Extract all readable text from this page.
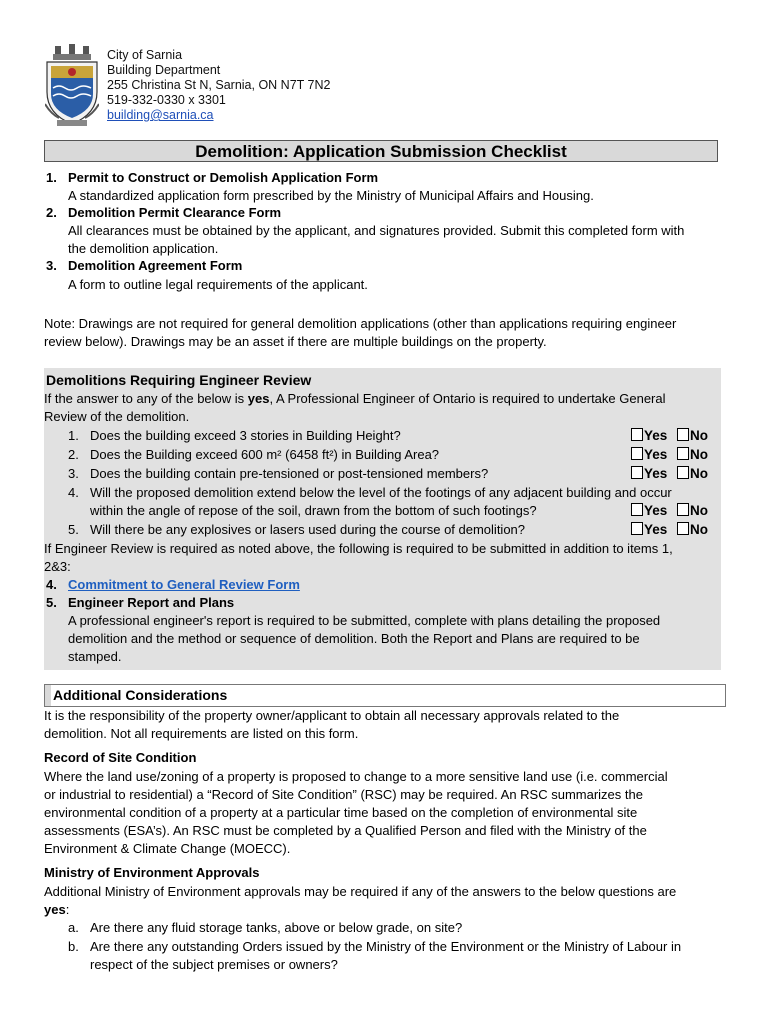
City of Sarnia
Building Department
255 Christina St N, Sarnia, ON N7T 7N2
519-332-0330 x 3301
building@sarnia.ca
Demolition: Application Submission Checklist
1. Permit to Construct or Demolish Application Form
A standardized application form prescribed by the Ministry of Municipal Affairs and Housing.
2. Demolition Permit Clearance Form
All clearances must be obtained by the applicant, and signatures provided. Submit this completed form with
the demolition application.
3. Demolition Agreement Form
A form to outline legal requirements of the applicant.
Note: Drawings are not required for general demolition applications (other than applications requiring engineer
review below). Drawings may be an asset if there are multiple buildings on the property.
Demolitions Requiring Engineer Review
If the answer to any of the below is yes, A Professional Engineer of Ontario is required to undertake General
Review of the demolition.
1. Does the building exceed 3 stories in Building Height?	Yes No
2. Does the Building exceed 600 m² (6458 ft²) in Building Area?	Yes No
3. Does the building contain pre-tensioned or post-tensioned members?	Yes No
4. Will the proposed demolition extend below the level of the footings of any adjacent building and occur
within the angle of repose of the soil, drawn from the bottom of such footings?	Yes No
5. Will there be any explosives or lasers used during the course of demolition?	Yes No
If Engineer Review is required as noted above, the following is required to be submitted in addition to items 1,
2&3:
4. Commitment to General Review Form
5. Engineer Report and Plans
A professional engineer's report is required to be submitted, complete with plans detailing the proposed
demolition and the method or sequence of demolition. Both the Report and Plans are required to be
stamped.
Additional Considerations
It is the responsibility of the property owner/applicant to obtain all necessary approvals related to the
demolition. Not all requirements are listed on this form.
Record of Site Condition
Where the land use/zoning of a property is proposed to change to a more sensitive land use (i.e. commercial
or industrial to residential) a “Record of Site Condition” (RSC) may be required. An RSC summarizes the
environmental condition of a property at a particular time based on the completion of environmental site
assessments (ESA’s). An RSC must be completed by a Qualified Person and filed with the Ministry of the
Environment & Climate Change (MOECC).
Ministry of Environment Approvals
Additional Ministry of Environment approvals may be required if any of the answers to the below questions are
yes:
a. Are there any fluid storage tanks, above or below grade, on site?
b. Are there any outstanding Orders issued by the Ministry of the Environment or the Ministry of Labour in
respect of the subject premises or owners?
